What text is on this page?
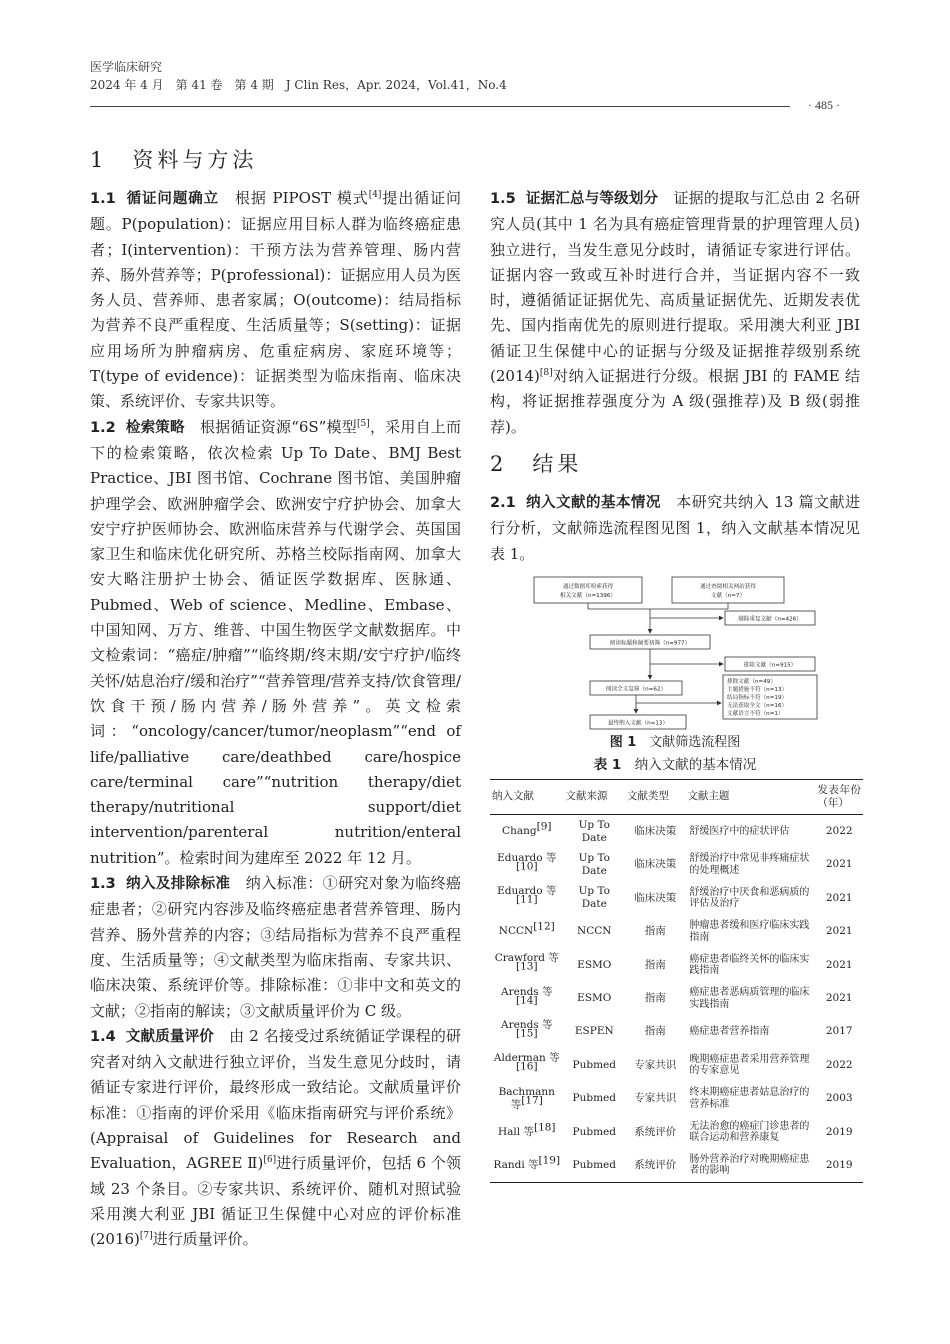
医学临床研究
2024 年 4 月　第 41 卷　第 4 期　J Clin Res，Apr. 2024，Vol.41，No.4
· 485 ·
1　资料与方法

1.1 循证问题确立　根据 PIPOST 模式[4]提出循证问题。P(population)：证据应用目标人群为临终癌症患者；I(intervention)：干预方法为营养管理、肠内营养、肠外营养等；P(professional)：证据应用人员为医务人员、营养师、患者家属；O(outcome)：结局指标为营养不良严重程度、生活质量等；S(setting)：证据应用场所为肿瘤病房、危重症病房、家庭环境等；T(type of evidence)：证据类型为临床指南、临床决策、系统评价、专家共识等。

1.2 检索策略　根据循证资源“6S”模型[5]，采用自上而下的检索策略，依次检索 Up To Date、BMJ Best Practice、JBI 图书馆、Cochrane 图书馆、美国肿瘤护理学会、欧洲肿瘤学会、欧洲安宁疗护协会、加拿大安宁疗护医师协会、欧洲临床营养与代谢学会、英国国家卫生和临床优化研究所、苏格兰校际指南网、加拿大安大略注册护士协会、循证医学数据库、医脉通、Pubmed、Web of science、Medline、Embase、中国知网、万方、维普、中国生物医学文献数据库。中文检索词：“癌症/肿瘤”“临终期/终末期/安宁疗护/临终关怀/姑息治疗/缓和治疗”“营养管理/营养支持/饮食管理/饮食干预/肠内营养/肠外营养”。英文检索词：“oncology/cancer/tumor/neoplasm”“end of life/palliative care/deathbed care/hospice care/terminal care”“nutrition therapy/diet therapy/nutritional support/diet intervention/parenteral nutrition/enteral nutrition”。检索时间为建库至 2022 年 12 月。

1.3 纳入及排除标准　纳入标准：①研究对象为临终癌症患者；②研究内容涉及临终癌症患者营养管理、肠内营养、肠外营养的内容；③结局指标为营养不良严重程度、生活质量等；④文献类型为临床指南、专家共识、临床决策、系统评价等。排除标准：①非中文和英文的文献；②指南的解读；③文献质量评价为 C 级。

1.4 文献质量评价　由 2 名接受过系统循证学课程的研究者对纳入文献进行独立评价，当发生意见分歧时，请循证专家进行评价，最终形成一致结论。文献质量评价标准：①指南的评价采用《临床指南研究与评价系统》(Appraisal of Guidelines for Research and Evaluation，AGREE Ⅱ)[6]进行质量评价，包括 6 个领域 23 个条目。②专家共识、系统评价、随机对照试验采用澳大利亚 JBI 循证卫生保健中心对应的评价标准(2016)[7]进行质量评价。

1.5 证据汇总与等级划分　证据的提取与汇总由 2 名研究人员(其中 1 名为具有癌症管理背景的护理管理人员)独立进行，当发生意见分歧时，请循证专家进行评估。证据内容一致或互补时进行合并，当证据内容不一致时，遵循循证证据优先、高质量证据优先、近期发表优先、国内指南优先的原则进行提取。采用澳大利亚 JBI 循证卫生保健中心的证据与分级及证据推荐级别系统(2014)[8]对纳入证据进行分级。根据 JBI 的 FAME 结构，将证据推荐强度分为 A 级(强推荐)及 B 级(弱推荐)。

2　结果

2.1 纳入文献的基本情况　本研究共纳入 13 篇文献进行分析，文献筛选流程图见图 1，纳入文献基本情况见表 1。

通过数据库检索获得
相关文献（n=1396）
通过查阅相关网站获得
文献（n=7）
剔除重复文献（n=426）
阅读标题和摘要初筛（n=977）
排除文献（n=915）
阅读全文复筛（n=62）
排除文献（n=49）
主题措施不符（n=13）
结局指标不符（n=19）
无法获取全文（n=16）
文献语言不符（n=1）
最终纳入文献（n=13）
图 1　文献筛选流程图
表 1　纳入文献的基本情况
纳入文献	文献来源	文献类型	文献主题	发表年份（年）
Chang[9]	Up To Date	临床决策	舒缓医疗中的症状评估	2022
Eduardo 等[10]	Up To Date	临床决策	舒缓治疗中常见非疼痛症状的处理概述	2021
Eduardo 等[11]	Up To Date	临床决策	舒缓治疗中厌食和恶病质的评估及治疗	2021
NCCN[12]	NCCN	指南	肿瘤患者缓和医疗临床实践指南	2021
Crawford 等[13]	ESMO	指南	癌症患者临终关怀的临床实践指南	2021
Arends 等[14]	ESMO	指南	癌症患者恶病质管理的临床实践指南	2021
Arends 等[15]	ESPEN	指南	癌症患者营养指南	2017
Alderman 等[16]	Pubmed	专家共识	晚期癌症患者采用营养管理的专家意见	2022
Bachmann 等[17]	Pubmed	专家共识	终末期癌症患者姑息治疗的营养标准	2003
Hall 等[18]	Pubmed	系统评价	无法治愈的癌症门诊患者的联合运动和营养康复	2019
Randi 等[19]	Pubmed	系统评价	肠外营养治疗对晚期癌症患者的影响	2019
